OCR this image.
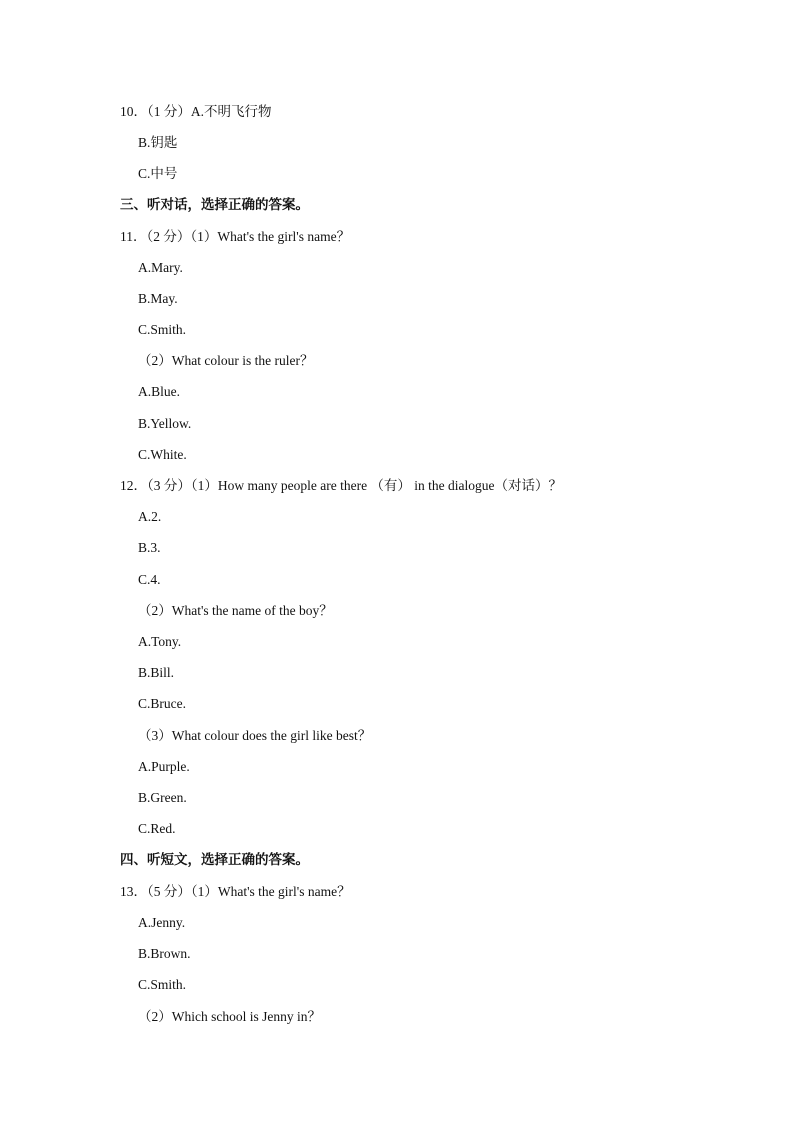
10．（1 分）A.不明飞行物
B.钥匙
C.中号
三、听对话，选择正确的答案。
11．（2 分）（1）What's the girl's name？
A.Mary.
B.May.
C.Smith.
（2）What colour is the ruler？
A.Blue.
B.Yellow.
C.White.
12．（3 分）（1）How many people are there （有） in the dialogue（对话）？
A.2.
B.3.
C.4.
（2）What's the name of the boy？
A.Tony.
B.Bill.
C.Bruce.
（3）What colour does the girl like best？
A.Purple.
B.Green.
C.Red.
四、听短文，选择正确的答案。
13．（5 分）（1）What's the girl's name？
A.Jenny.
B.Brown.
C.Smith.
（2）Which school is Jenny in？
